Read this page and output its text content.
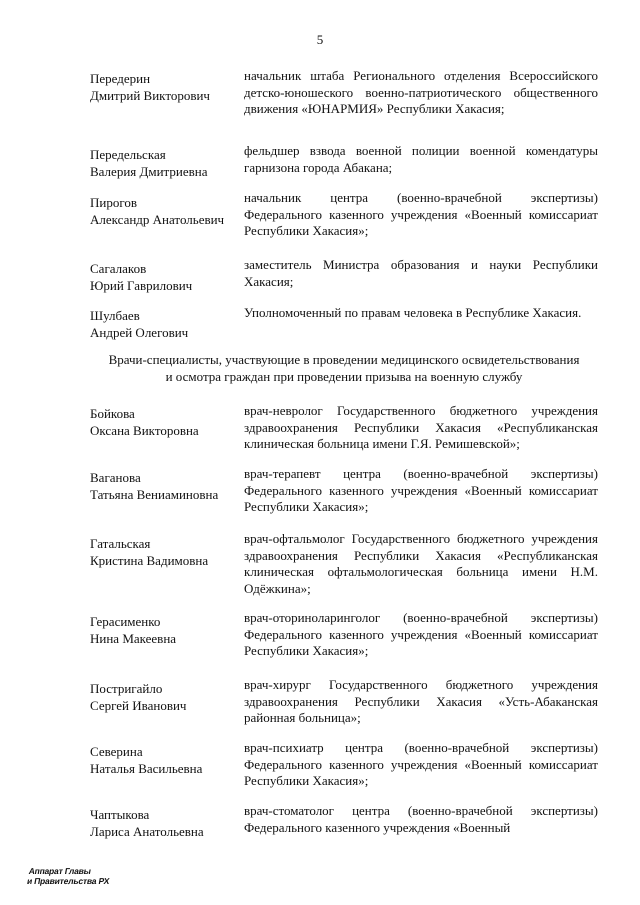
5
Передерин
Дмитрий Викторович
начальник штаба Регионального отделения Всероссийского детско-юношеского военно-патриотического общественного движения «ЮНАРМИЯ» Республики Хакасия;
Передельская
Валерия Дмитриевна
фельдшер взвода военной полиции военной комендатуры гарнизона города Абакана;
Пирогов
Александр Анатольевич
начальник центра (военно-врачебной экспертизы) Федерального казенного учреждения «Военный комиссариат Республики Хакасия»;
Сагалаков
Юрий Гаврилович
заместитель Министра образования и науки Республики Хакасия;
Шулбаев
Андрей Олегович
Уполномоченный по правам человека в Республике Хакасия.
Врачи-специалисты, участвующие в проведении медицинского освидетельствования
и осмотра граждан при проведении призыва на военную службу
Бойкова
Оксана Викторовна
врач-невролог Государственного бюджетного учреждения здравоохранения Республики Хакасия «Республиканская клиническая больница имени Г.Я. Ремишевской»;
Ваганова
Татьяна Вениаминовна
врач-терапевт центра (военно-врачебной экспертизы) Федерального казенного учреждения «Военный комиссариат Республики Хакасия»;
Гатальская
Кристина Вадимовна
врач-офтальмолог Государственного бюджетного учреждения здравоохранения Республики Хакасия «Республиканская клиническая офтальмологическая больница имени Н.М. Одёжкина»;
Герасименко
Нина Макеевна
врач-оториноларинголог (военно-врачебной экспертизы) Федерального казенного учреждения «Военный комиссариат Республики Хакасия»;
Постригайло
Сергей Иванович
врач-хирург Государственного бюджетного учреждения здравоохранения Республики Хакасия «Усть-Абаканская районная больница»;
Северина
Наталья Васильевна
врач-психиатр центра (военно-врачебной экспертизы) Федерального казенного учреждения «Военный комиссариат Республики Хакасия»;
Чаптыкова
Лариса Анатольевна
врач-стоматолог центра (военно-врачебной экспертизы) Федерального казенного учреждения «Военный
Аппарат Главы
и Правительства РХ
